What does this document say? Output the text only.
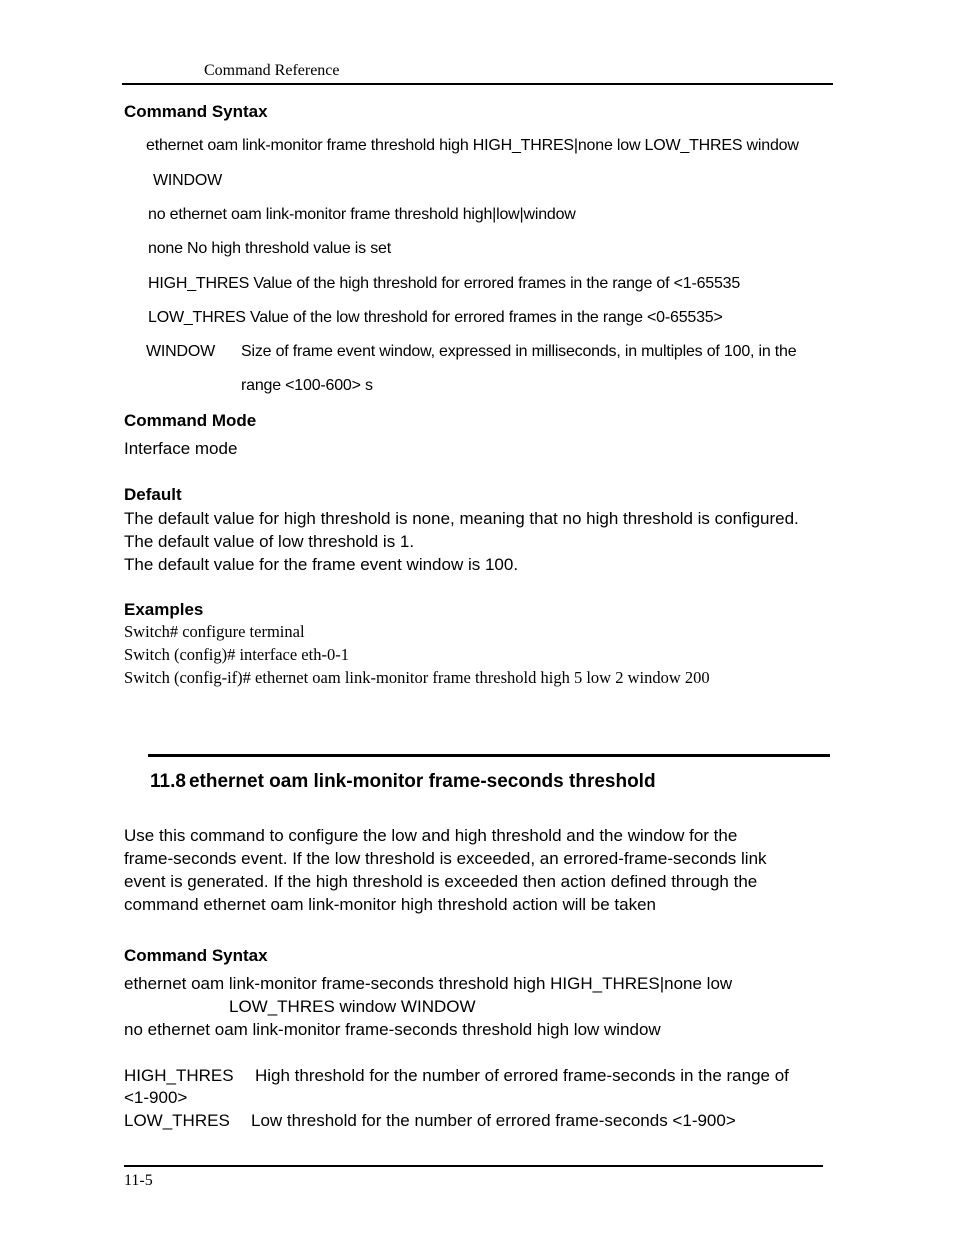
Command Reference
Command Syntax
ethernet oam link-monitor frame threshold high HIGH_THRES|none low LOW_THRES window
WINDOW
no ethernet oam link-monitor frame threshold high|low|window
none No high threshold value is set
HIGH_THRES Value of the high threshold for errored frames in the range of <1-65535
LOW_THRES Value of the low threshold for errored frames in the range <0-65535>
WINDOW Size of frame event window, expressed in milliseconds, in multiples of 100, in the
range <100-600> s
Command Mode
Interface mode
Default

The default value for high threshold is none, meaning that no high threshold is configured.

The default value of low threshold is 1.

The default value for the frame event window is 100.

Examples
Switch# configure terminal
Switch (config)# interface eth-0-1
Switch (config-if)# ethernet oam link-monitor frame threshold high 5 low 2 window 200
11.8 ethernet oam link-monitor frame-seconds threshold

Use this command to configure the low and high threshold and the window for the

frame-seconds event. If the low threshold is exceeded, an errored-frame-seconds link

event is generated. If the high threshold is exceeded then action defined through the

command ethernet oam link-monitor high threshold action will be taken

Command Syntax
ethernet oam link-monitor frame-seconds threshold high HIGH_THRES|none low
LOW_THRES window WINDOW
no ethernet oam link-monitor frame-seconds threshold high low window
HIGH_THRES High threshold for the number of errored frame-seconds in the range of
<1-900>
LOW_THRES Low threshold for the number of errored frame-seconds <1-900>
11-5
